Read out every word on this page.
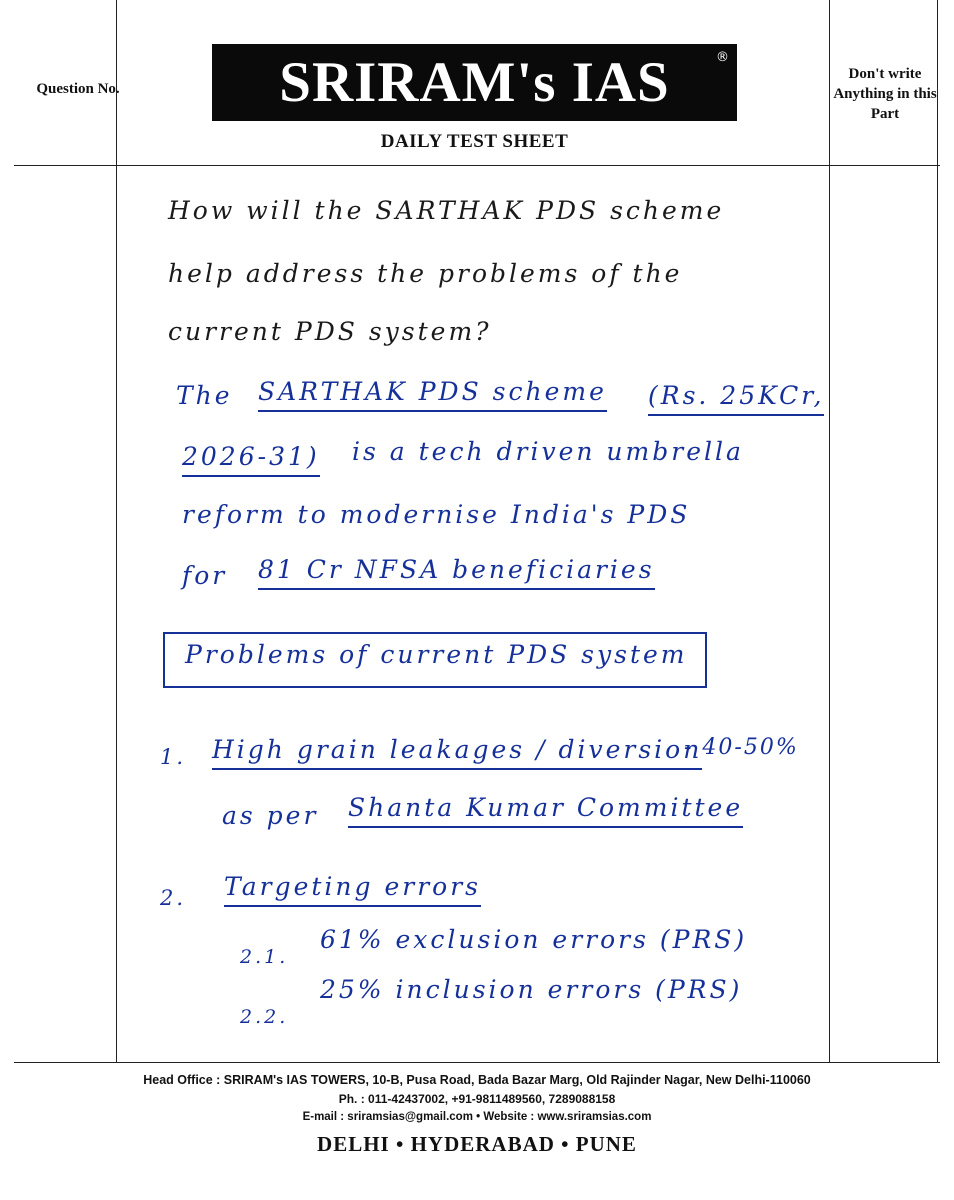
Question No.	SRIRAM's IAS	®
DAILY TEST SHEET
Don't write Anything in this Part
How will the SARTHAK PDS scheme
help address the problems of the
current PDS system?
The SARTHAK PDS scheme (Rs. 25KCr,
2026-31) is a tech driven umbrella
reform to modernise India's PDS
for 81 Cr NFSA beneficiaries
Problems of current PDS system
1. High grain leakages / diversion
- 40-50%
as per Shanta Kumar Committee
2. Targeting errors
2.1.
61% exclusion errors (PRS)
2.2.
25% inclusion errors (PRS)
Head Office : SRIRAM's IAS TOWERS, 10-B, Pusa Road, Bada Bazar Marg, Old Rajinder Nagar, New Delhi-110060
Ph. : 011-42437002, +91-9811489560, 7289088158
E-mail : sriramsias@gmail.com • Website : www.sriramsias.com
DELHI • HYDERABAD • PUNE
